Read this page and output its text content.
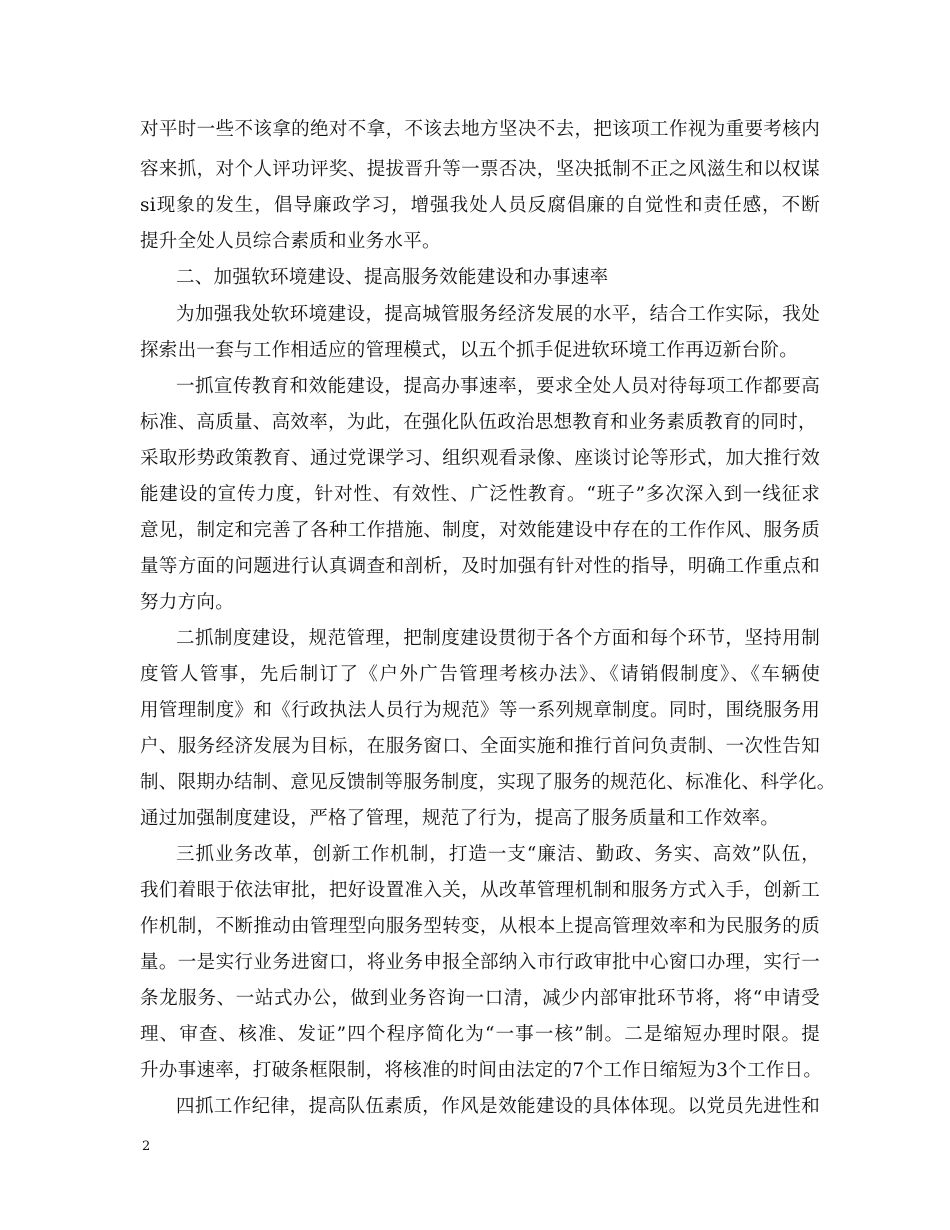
对平时一些不该拿的绝对不拿，不该去地方坚决不去，把该项工作视为重要考核内
容来抓，对个人评功评奖、提拔晋升等一票否决，坚决抵制不正之风滋生和以权谋
si现象的发生，倡导廉政学习，增强我处人员反腐倡廉的自觉性和责任感，不断
提升全处人员综合素质和业务水平。
二、加强软环境建设、提高服务效能建设和办事速率
为加强我处软环境建设，提高城管服务经济发展的水平，结合工作实际，我处
探索出一套与工作相适应的管理模式，以五个抓手促进软环境工作再迈新台阶。
一抓宣传教育和效能建设，提高办事速率，要求全处人员对待每项工作都要高
标准、高质量、高效率，为此，在强化队伍政治思想教育和业务素质教育的同时，
采取形势政策教育、通过党课学习、组织观看录像、座谈讨论等形式，加大推行效
能建设的宣传力度，针对性、有效性、广泛性教育。“班子”多次深入到一线征求
意见，制定和完善了各种工作措施、制度，对效能建设中存在的工作作风、服务质
量等方面的问题进行认真调查和剖析，及时加强有针对性的指导，明确工作重点和
努力方向。
二抓制度建设，规范管理，把制度建设贯彻于各个方面和每个环节，坚持用制
度管人管事，先后制订了《户外广告管理考核办法》、《请销假制度》、《车辆使
用管理制度》和《行政执法人员行为规范》等一系列规章制度。同时，围绕服务用
户、服务经济发展为目标，在服务窗口、全面实施和推行首问负责制、一次性告知
制、限期办结制、意见反馈制等服务制度，实现了服务的规范化、标准化、科学化。
通过加强制度建设，严格了管理，规范了行为，提高了服务质量和工作效率。
三抓业务改革，创新工作机制，打造一支“廉洁、勤政、务实、高效”队伍，
我们着眼于依法审批，把好设置准入关，从改革管理机制和服务方式入手，创新工
作机制，不断推动由管理型向服务型转变，从根本上提高管理效率和为民服务的质
量。一是实行业务进窗口，将业务申报全部纳入市行政审批中心窗口办理，实行一
条龙服务、一站式办公，做到业务咨询一口清，减少内部审批环节将，将“申请受
理、审查、核准、发证”四个程序简化为“一事一核”制。二是缩短办理时限。提
升办事速率，打破条框限制，将核准的时间由法定的7个工作日缩短为3个工作日。
四抓工作纪律，提高队伍素质，作风是效能建设的具体体现。以党员先进性和
2
